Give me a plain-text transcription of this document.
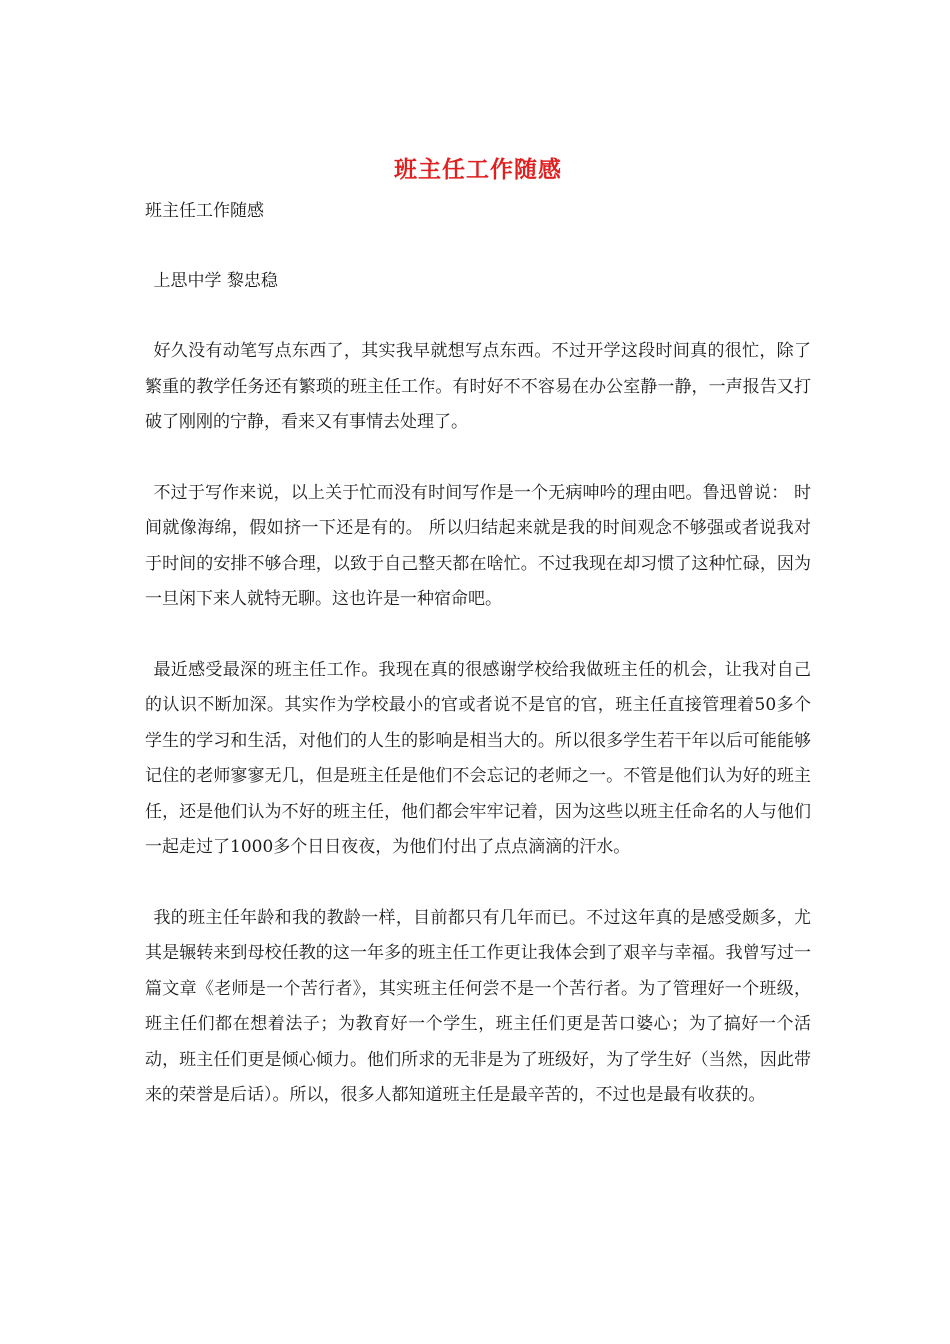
班主任工作随感

班主任工作随感

上思中学 黎忠稳

好久没有动笔写点东西了，其实我早就想写点东西。不过开学这段时间真的很忙，除了繁重的教学任务还有繁琐的班主任工作。有时好不不容易在办公室静一静，一声报告又打破了刚刚的宁静，看来又有事情去处理了。

不过于写作来说，以上关于忙而没有时间写作是一个无病呻吟的理由吧。鲁迅曾说： 时间就像海绵，假如挤一下还是有的。 所以归结起来就是我的时间观念不够强或者说我对于时间的安排不够合理，以致于自己整天都在啥忙。不过我现在却习惯了这种忙碌，因为一旦闲下来人就特无聊。这也许是一种宿命吧。

最近感受最深的班主任工作。我现在真的很感谢学校给我做班主任的机会，让我对自己的认识不断加深。其实作为学校最小的官或者说不是官的官，班主任直接管理着50多个学生的学习和生活，对他们的人生的影响是相当大的。所以很多学生若干年以后可能能够记住的老师寥寥无几，但是班主任是他们不会忘记的老师之一。不管是他们认为好的班主任，还是他们认为不好的班主任，他们都会牢牢记着，因为这些以班主任命名的人与他们一起走过了1000多个日日夜夜，为他们付出了点点滴滴的汗水。

我的班主任年龄和我的教龄一样，目前都只有几年而已。不过这年真的是感受颇多，尤其是辗转来到母校任教的这一年多的班主任工作更让我体会到了艰辛与幸福。我曾写过一篇文章《老师是一个苦行者》，其实班主任何尝不是一个苦行者。为了管理好一个班级，班主任们都在想着法子；为教育好一个学生，班主任们更是苦口婆心；为了搞好一个活动，班主任们更是倾心倾力。他们所求的无非是为了班级好，为了学生好（当然，因此带来的荣誉是后话）。所以，很多人都知道班主任是最辛苦的，不过也是最有收获的。
